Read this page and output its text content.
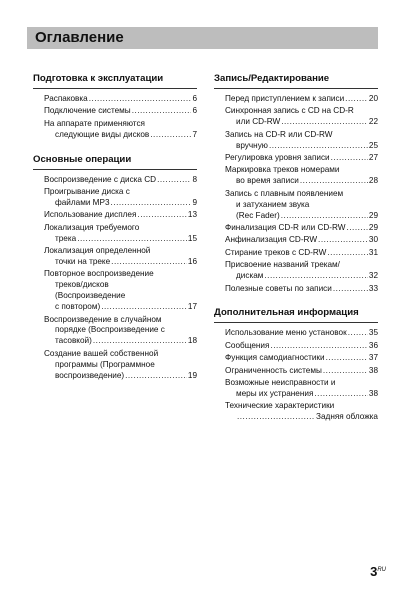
Оглавление
Подготовка к эксплуатации
Распаковка .....	6
Подключение системы .....	6
На аппарате применяются
следующие виды дисков .....	7
Основные операции
Воспроизведение с диска CD .....	8
Проигрывание диска с
файлами MP3 .....	9
Использование дисплея .....	13
Локализация требуемого
трека .....	15
Локализация определенной
точки на треке .....	16
Повторное воспроизведение
треков/дисков
(Воспроизведение
с повтором) .....	17
Воспроизведение в случайном
порядке (Воспроизведение с
тасовкой) .....	18
Создание вашей собственной
программы (Программное
воспроизведение) .....	19
Запись/Редактирование
Перед приступлением к записи .....	20
Синхронная запись с CD на CD-R
или CD-RW .....	22
Запись на CD-R или CD-RW
вручную .....	25
Регулировка уровня записи .....	27
Маркировка треков номерами
во время записи .....	28
Запись с плавным появлением
и затуханием звука
(Rec Fader) .....	29
Финализация CD-R или CD-RW .....	29
Анфинализация CD-RW .....	30
Стирание треков с CD-RW .....	31
Присвоение названий трекам/
дискам .....	32
Полезные советы по записи .....	33
Дополнительная информация
Использование меню установок .....	35
Сообщения .....	36
Функция самодиагностики .....	37
Ограниченность системы .....	38
Возможные неисправности и
меры их устранения .....	38
Технические характеристики
.....
Задняя обложка
$3^{RU}$
